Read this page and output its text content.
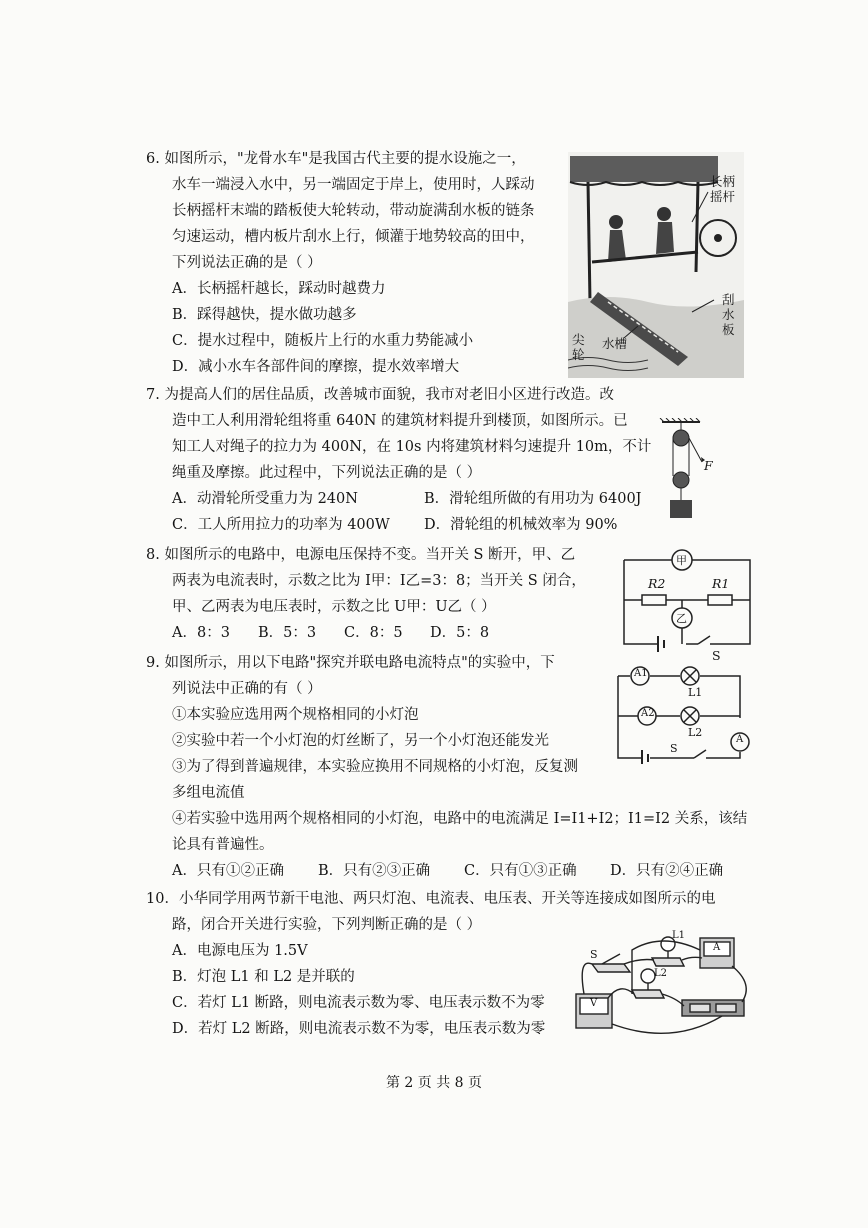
6. 如图所示，"龙骨水车"是我国古代主要的提水设施之一，
水车一端浸入水中，另一端固定于岸上，使用时，人踩动
长柄摇杆末端的踏板使大轮转动，带动旋满刮水板的链条
匀速运动，槽内板片刮水上行，倾灌于地势较高的田中，
下列说法正确的是（ ）
A．长柄摇杆越长，踩动时越费力
B．踩得越快，提水做功越多
C．提水过程中，随板片上行的水重力势能减小
D．减小水车各部件间的摩擦，提水效率增大
长柄
摇杆
刮
水
板
尖
轮
水槽
7. 为提高人们的居住品质，改善城市面貌，我市对老旧小区进行改造。改
造中工人利用滑轮组将重 640N 的建筑材料提升到楼顶，如图所示。已
知工人对绳子的拉力为 400N，在 10s 内将建筑材料匀速提升 10m，不计
绳重及摩擦。此过程中，下列说法正确的是（ ）
A．动滑轮所受重力为 240N	B．滑轮组所做的有用功为 6400J
C．工人所用拉力的功率为 400W D．滑轮组的机械效率为 90%
F
8. 如图所示的电路中，电源电压保持不变。当开关 S 断开，甲、乙
两表为电流表时，示数之比为 I甲：I乙=3：8；当开关 S 闭合，
甲、乙两表为电压表时，示数之比 U甲：U乙（ ）
A．8：3 B．5：3 C．8：5 D．5：8
甲
乙
R2	R1
S
9. 如图所示，用以下电路"探究并联电路电流特点"的实验中，下
列说法中正确的有（ ）
①本实验应选用两个规格相同的小灯泡
②实验中若一个小灯泡的灯丝断了，另一个小灯泡还能发光
③为了得到普遍规律，本实验应换用不同规格的小灯泡，反复测
多组电流值
④若实验中选用两个规格相同的小灯泡，电路中的电流满足 I=I1+I2；I1=I2 关系，该结
论具有普遍性。
A．只有①②正确 B．只有②③正确 C．只有①③正确 D．只有②④正确
A1
A2
A
L1
L2
S
10．小华同学用两节新干电池、两只灯泡、电流表、电压表、开关等连接成如图所示的电
路，闭合开关进行实验，下列判断正确的是（ ）
A．电源电压为 1.5V
B．灯泡 L1 和 L2 是并联的
C．若灯 L1 断路，则电流表示数为零、电压表示数不为零
D．若灯 L2 断路，则电流表示数不为零，电压表示数为零
S
L1
L2
A
V
第 2 页 共 8 页
